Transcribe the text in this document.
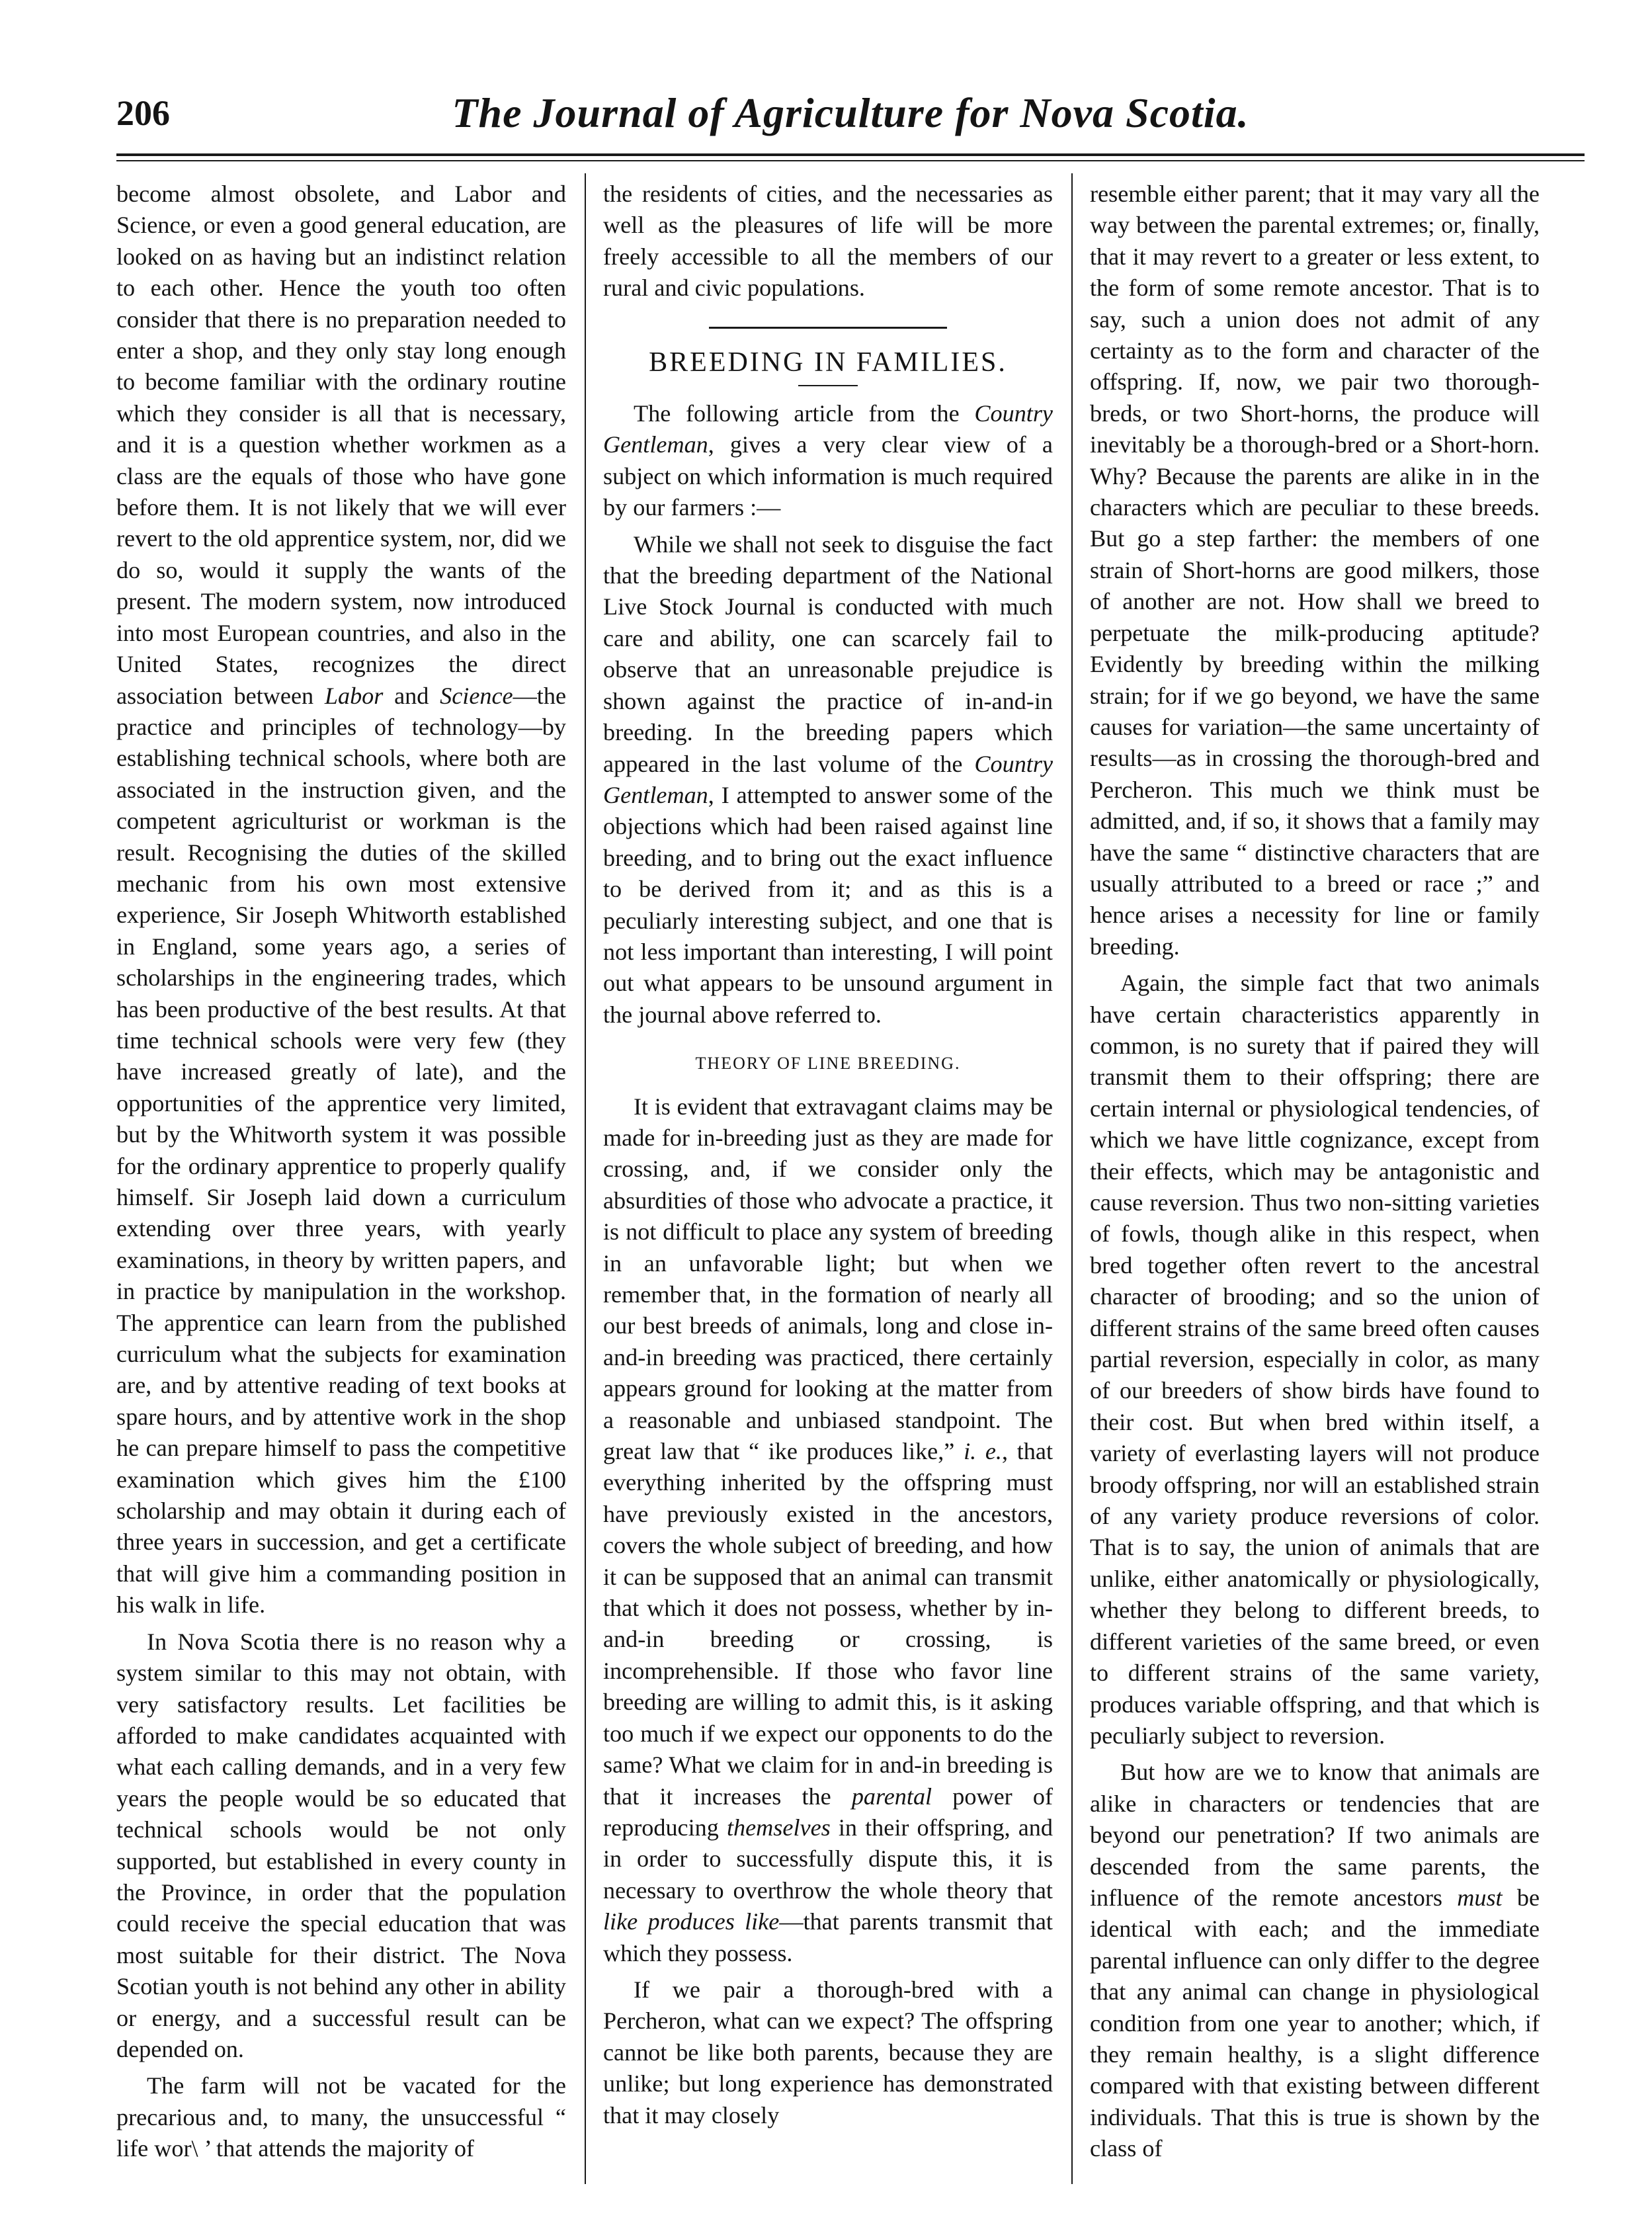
206	The Journal of Agriculture for Nova Scotia.

become almost obsolete, and Labor and Science, or even a good general education, are looked on as having but an indistinct relation to each other. Hence the youth too often consider that there is no preparation needed to enter a shop, and they only stay long enough to become familiar with the ordinary routine which they consider is all that is necessary, and it is a question whether workmen as a class are the equals of those who have gone before them. It is not likely that we will ever revert to the old apprentice system, nor, did we do so, would it supply the wants of the present. The modern system, now introduced into most European countries, and also in the United States, recognizes the direct association between Labor and Science—the practice and principles of technology—by establishing technical schools, where both are associated in the instruction given, and the competent agriculturist or workman is the result. Recognising the duties of the skilled mechanic from his own most extensive experience, Sir Joseph Whitworth established in England, some years ago, a series of scholarships in the engineering trades, which has been productive of the best results. At that time technical schools were very few (they have increased greatly of late), and the opportunities of the apprentice very limited, but by the Whitworth system it was possible for the ordinary apprentice to properly qualify himself. Sir Joseph laid down a curriculum extending over three years, with yearly examinations, in theory by written papers, and in practice by manipulation in the workshop. The apprentice can learn from the published curriculum what the subjects for examination are, and by attentive reading of text books at spare hours, and by attentive work in the shop he can prepare himself to pass the competitive examination which gives him the £100 scholarship and may obtain it during each of three years in succession, and get a certificate that will give him a commanding position in his walk in life.

In Nova Scotia there is no reason why a system similar to this may not obtain, with very satisfactory results. Let facilities be afforded to make candidates acquainted with what each calling demands, and in a very few years the people would be so educated that technical schools would be not only supported, but established in every county in the Province, in order that the population could receive the special education that was most suitable for their district. The Nova Scotian youth is not behind any other in ability or energy, and a successful result can be depended on.

The farm will not be vacated for the precarious and, to many, the unsuccessful “ life wor\ ’ that attends the majority of

the residents of cities, and the necessaries as well as the pleasures of life will be more freely accessible to all the members of our rural and civic populations.

BREEDING IN FAMILIES.

The following article from the Country Gentleman, gives a very clear view of a subject on which information is much required by our farmers :—

While we shall not seek to disguise the fact that the breeding department of the National Live Stock Journal is conducted with much care and ability, one can scarcely fail to observe that an unreasonable prejudice is shown against the practice of in-and-in breeding. In the breeding papers which appeared in the last volume of the Country Gentleman, I attempted to answer some of the objections which had been raised against line breeding, and to bring out the exact influence to be derived from it; and as this is a peculiarly interesting subject, and one that is not less important than interesting, I will point out what appears to be unsound argument in the journal above referred to.

THEORY OF LINE BREEDING.

It is evident that extravagant claims may be made for in-breeding just as they are made for crossing, and, if we consider only the absurdities of those who advocate a practice, it is not difficult to place any system of breeding in an unfavorable light; but when we remember that, in the formation of nearly all our best breeds of animals, long and close in-and-in breeding was practiced, there certainly appears ground for looking at the matter from a reasonable and unbiased standpoint. The great law that “ ike produces like,” i. e., that everything inherited by the offspring must have previously existed in the ancestors, covers the whole subject of breeding, and how it can be supposed that an animal can transmit that which it does not possess, whether by in-and-in breeding or crossing, is incomprehensible. If those who favor line breeding are willing to admit this, is it asking too much if we expect our opponents to do the same? What we claim for in and-in breeding is that it increases the parental power of reproducing themselves in their offspring, and in order to successfully dispute this, it is necessary to overthrow the whole theory that like produces like—that parents transmit that which they possess.

If we pair a thorough-bred with a Percheron, what can we expect? The offspring cannot be like both parents, because they are unlike; but long experience has demonstrated that it may closely

resemble either parent; that it may vary all the way between the parental extremes; or, finally, that it may revert to a greater or less extent, to the form of some remote ancestor. That is to say, such a union does not admit of any certainty as to the form and character of the offspring. If, now, we pair two thorough-breds, or two Short-horns, the produce will inevitably be a thorough-bred or a Short-horn. Why? Because the parents are alike in in the characters which are peculiar to these breeds. But go a step farther: the members of one strain of Short-horns are good milkers, those of another are not. How shall we breed to perpetuate the milk-producing aptitude? Evidently by breeding within the milking strain; for if we go beyond, we have the same causes for variation—the same uncertainty of results—as in crossing the thorough-bred and Percheron. This much we think must be admitted, and, if so, it shows that a family may have the same “ distinctive characters that are usually attributed to a breed or race ;” and hence arises a necessity for line or family breeding.

Again, the simple fact that two animals have certain characteristics apparently in common, is no surety that if paired they will transmit them to their offspring; there are certain internal or physiological tendencies, of which we have little cognizance, except from their effects, which may be antagonistic and cause reversion. Thus two non-sitting varieties of fowls, though alike in this respect, when bred together often revert to the ancestral character of brooding; and so the union of different strains of the same breed often causes partial reversion, especially in color, as many of our breeders of show birds have found to their cost. But when bred within itself, a variety of everlasting layers will not produce broody offspring, nor will an established strain of any variety produce reversions of color. That is to say, the union of animals that are unlike, either anatomically or physiologically, whether they belong to different breeds, to different varieties of the same breed, or even to different strains of the same variety, produces variable offspring, and that which is peculiarly subject to reversion.

But how are we to know that animals are alike in characters or tendencies that are beyond our penetration? If two animals are descended from the same parents, the influence of the remote ancestors must be identical with each; and the immediate parental influence can only differ to the degree that any animal can change in physiological condition from one year to another; which, if they remain healthy, is a slight difference compared with that existing between different individuals. That this is true is shown by the class of
